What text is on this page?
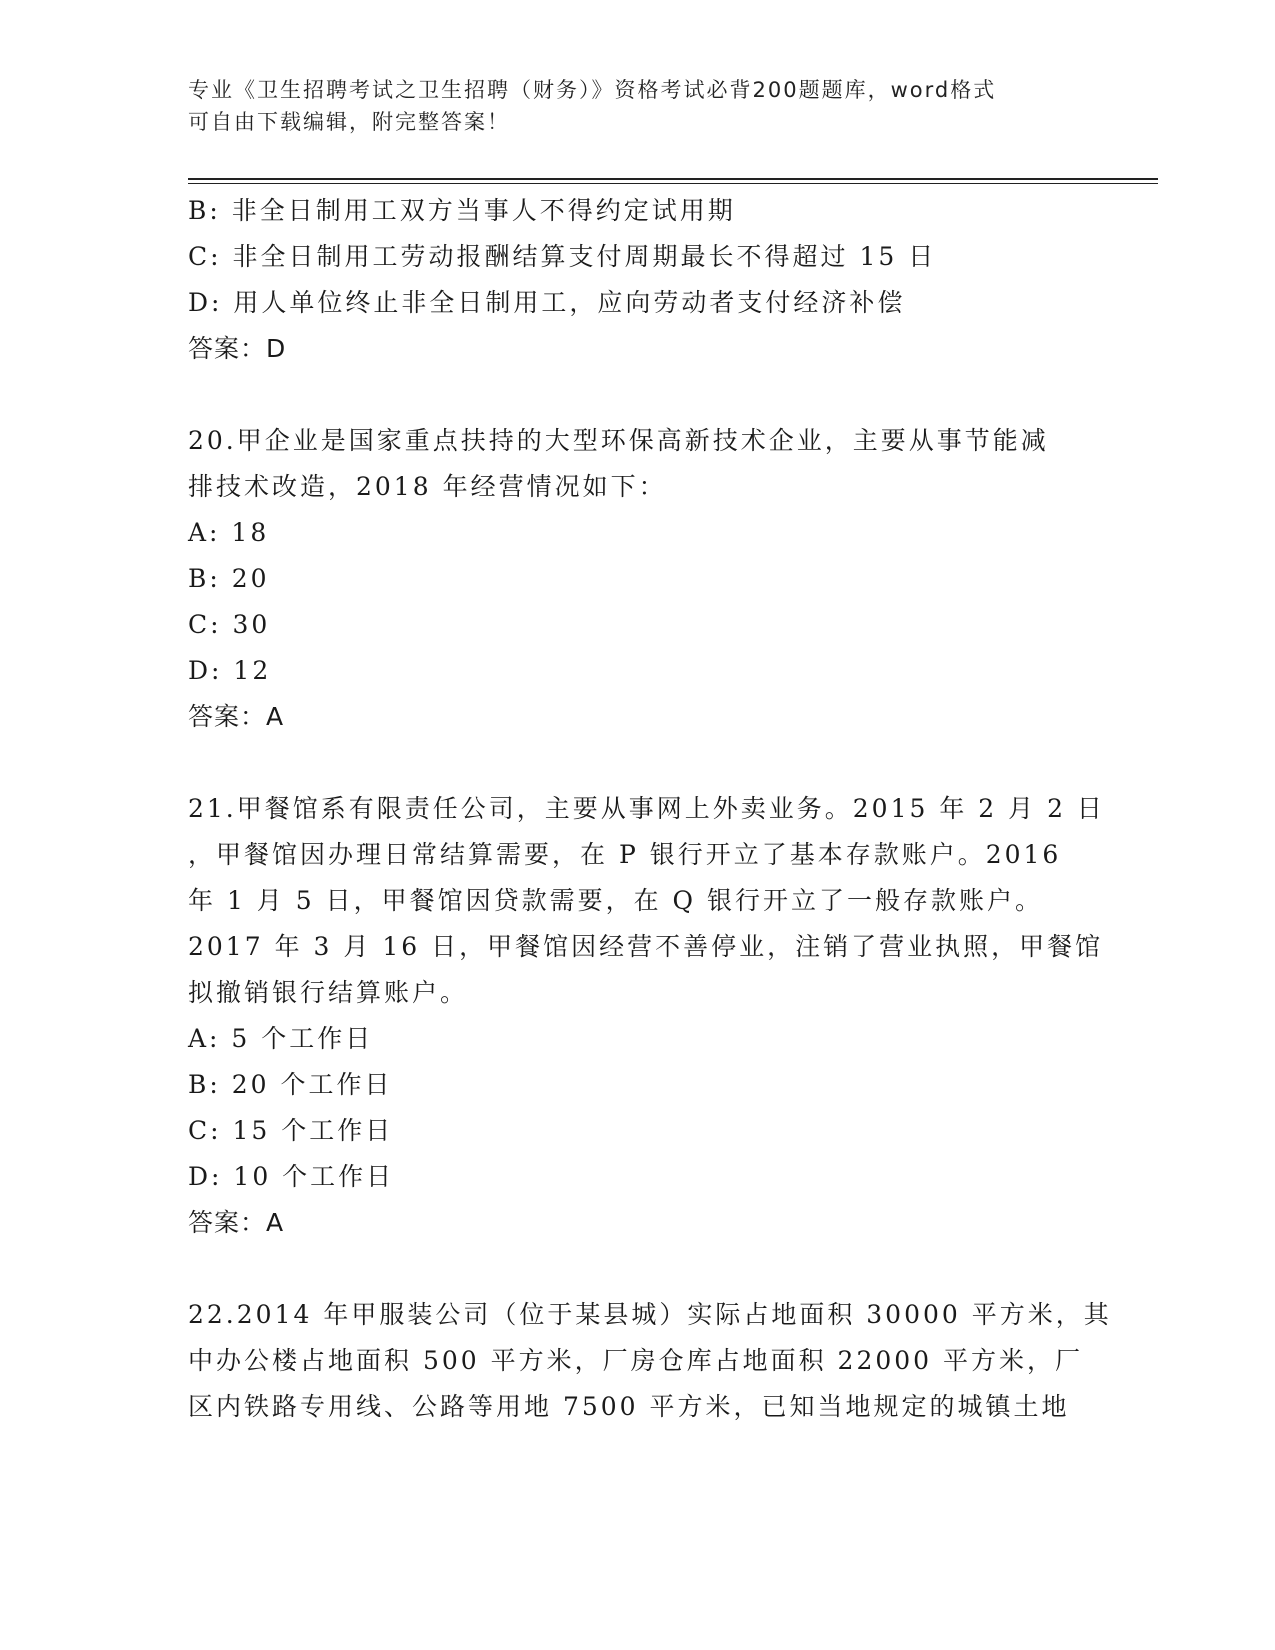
专业《卫生招聘考试之卫生招聘（财务）》资格考试必背200题题库，word格式
可自由下载编辑，附完整答案！
B: 非全日制用工双方当事人不得约定试用期
C: 非全日制用工劳动报酬结算支付周期最长不得超过 15 日
D: 用人单位终止非全日制用工，应向劳动者支付经济补偿
答案：D
20.甲企业是国家重点扶持的大型环保高新技术企业，主要从事节能减
排技术改造，2018 年经营情况如下：
A: 18
B: 20
C: 30
D: 12
答案：A
21.甲餐馆系有限责任公司，主要从事网上外卖业务。2015 年 2 月 2 日
，甲餐馆因办理日常结算需要，在 P 银行开立了基本存款账户。2016
年 1 月 5 日，甲餐馆因贷款需要，在 Q 银行开立了一般存款账户。
2017 年 3 月 16 日，甲餐馆因经营不善停业，注销了营业执照，甲餐馆
拟撤销银行结算账户。
A: 5 个工作日
B: 20 个工作日
C: 15 个工作日
D: 10 个工作日
答案：A
22.2014 年甲服装公司（位于某县城）实际占地面积 30000 平方米，其
中办公楼占地面积 500 平方米，厂房仓库占地面积 22000 平方米，厂
区内铁路专用线、公路等用地 7500 平方米，已知当地规定的城镇土地
